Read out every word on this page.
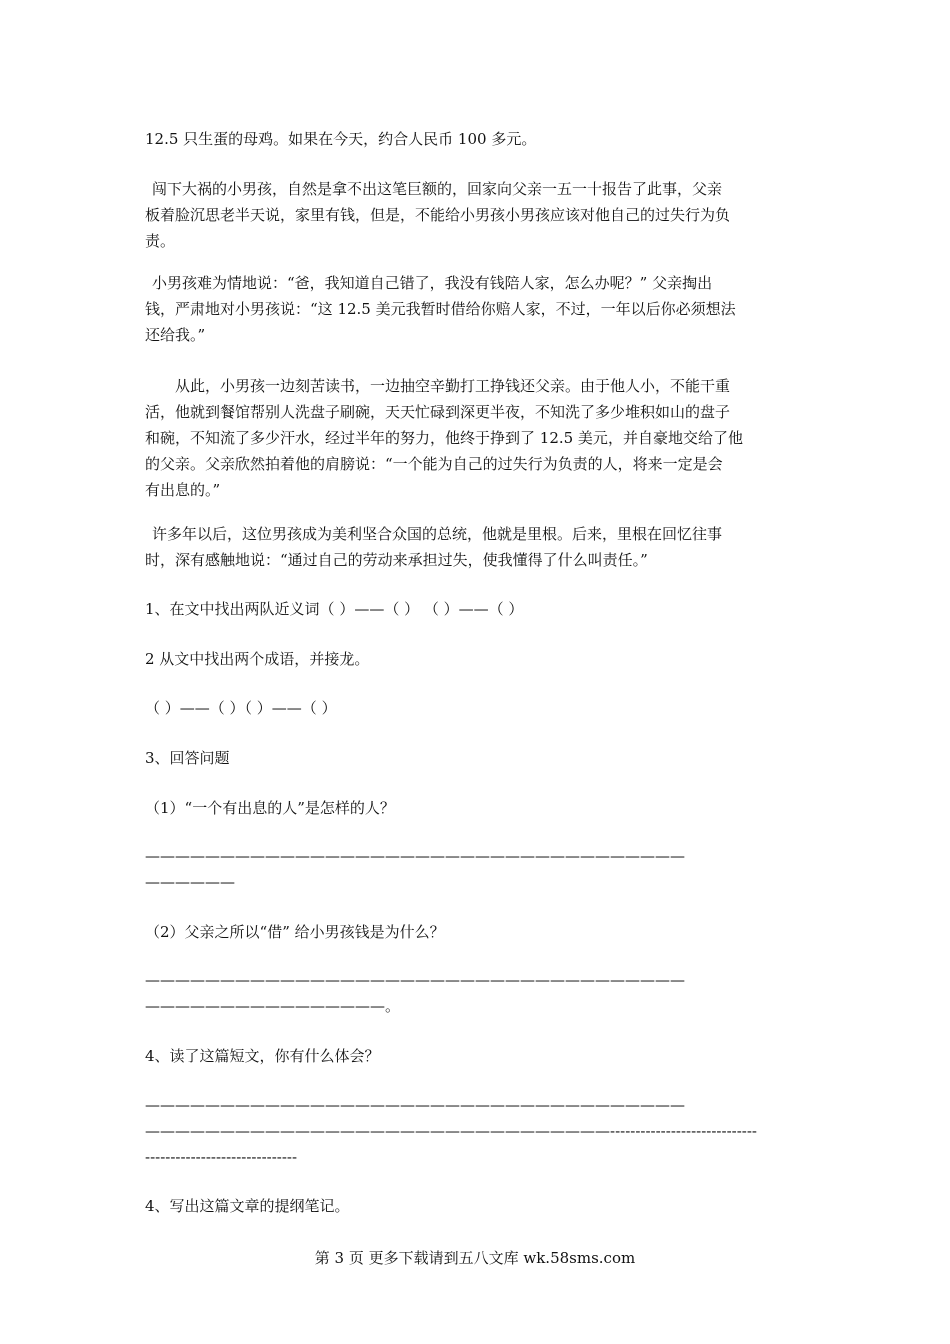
12.5 只生蛋的母鸡。如果在今天，约合人民币 100 多元。

闯下大祸的小男孩，自然是拿不出这笔巨额的，回家向父亲一五一十报告了此事，父亲
板着脸沉思老半天说，家里有钱，但是，不能给小男孩小男孩应该对他自己的过失行为负
责。

小男孩难为情地说：“爸，我知道自己错了，我没有钱陪人家，怎么办呢？” 父亲掏出
钱，严肃地对小男孩说：“这 12.5 美元我暂时借给你赔人家，不过，一年以后你必须想法
还给我。”

从此，小男孩一边刻苦读书，一边抽空辛勤打工挣钱还父亲。由于他人小，不能干重
活，他就到餐馆帮别人洗盘子刷碗，天天忙碌到深更半夜，不知洗了多少堆积如山的盘子
和碗，不知流了多少汗水，经过半年的努力，他终于挣到了 12.5 美元，并自豪地交给了他
的父亲。父亲欣然拍着他的肩膀说：“一个能为自己的过失行为负责的人，将来一定是会
有出息的。”

许多年以后，这位男孩成为美利坚合众国的总统，他就是里根。后来，里根在回忆往事
时，深有感触地说：“通过自己的劳动来承担过失，使我懂得了什么叫责任。”

1、在文中找出两队近义词（ ）——（ ） （ ）——（ ）

2 从文中找出两个成语，并接龙。

（ ）——（ ）（ ）——（ ）

3、回答问题

（1）“一个有出息的人”是怎样的人？

————————————————————————————————————
——————

（2）父亲之所以“借” 给小男孩钱是为什么？

————————————————————————————————————
————————————————。

4、读了这篇短文，你有什么体会？

————————————————————————————————————
———————————————————————————————-----------------------------
------------------------------

4、写出这篇文章的提纲笔记。

第 3 页 更多下载请到五八文库 wk.58sms.com
